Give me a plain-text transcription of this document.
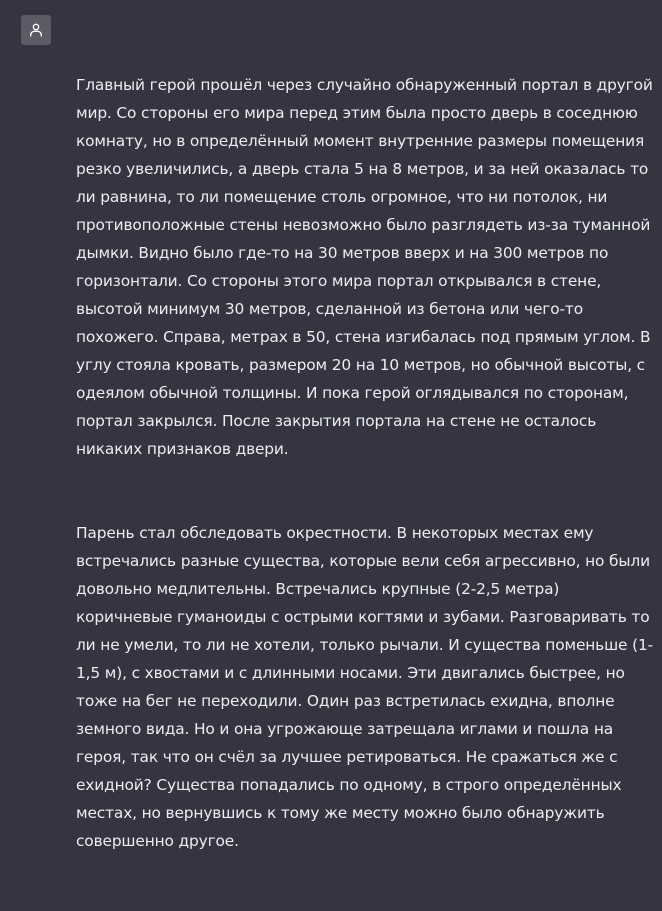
Главный герой прошёл через случайно обнаруженный портал в другой мир. Со стороны его мира перед этим была просто дверь в соседнюю комнату, но в определённый момент внутренние размеры помещения резко увеличились, а дверь стала 5 на 8 метров, и за ней оказалась то ли равнина, то ли помещение столь огромное, что ни потолок, ни противоположные стены невозможно было разглядеть из-за туманной дымки. Видно было где-то на 30 метров вверх и на 300 метров по горизонтали. Со стороны этого мира портал открывался в стене, высотой минимум 30 метров, сделанной из бетона или чего-то похожего. Справа, метрах в 50, стена изгибалась под прямым углом. В углу стояла кровать, размером 20 на 10 метров, но обычной высоты, с одеялом обычной толщины. И пока герой оглядывался по сторонам, портал закрылся. После закрытия портала на стене не осталось никаких признаков двери.

Парень стал обследовать окрестности. В некоторых местах ему встречались разные существа, которые вели себя агрессивно, но были довольно медлительны. Встречались крупные (2-2,5 метра) коричневые гуманоиды с острыми когтями и зубами. Разговаривать то ли не умели, то ли не хотели, только рычали. И существа поменьше (1-1,5 м), с хвостами и с длинными носами. Эти двигались быстрее, но тоже на бег не переходили. Один раз встретилась ехидна, вполне земного вида. Но и она угрожающе затрещала иглами и пошла на героя, так что он счёл за лучшее ретироваться. Не сражаться же с ехидной? Существа попадались по одному, в строго определённых местах, но вернувшись к тому же месту можно было обнаружить совершенно другое.
